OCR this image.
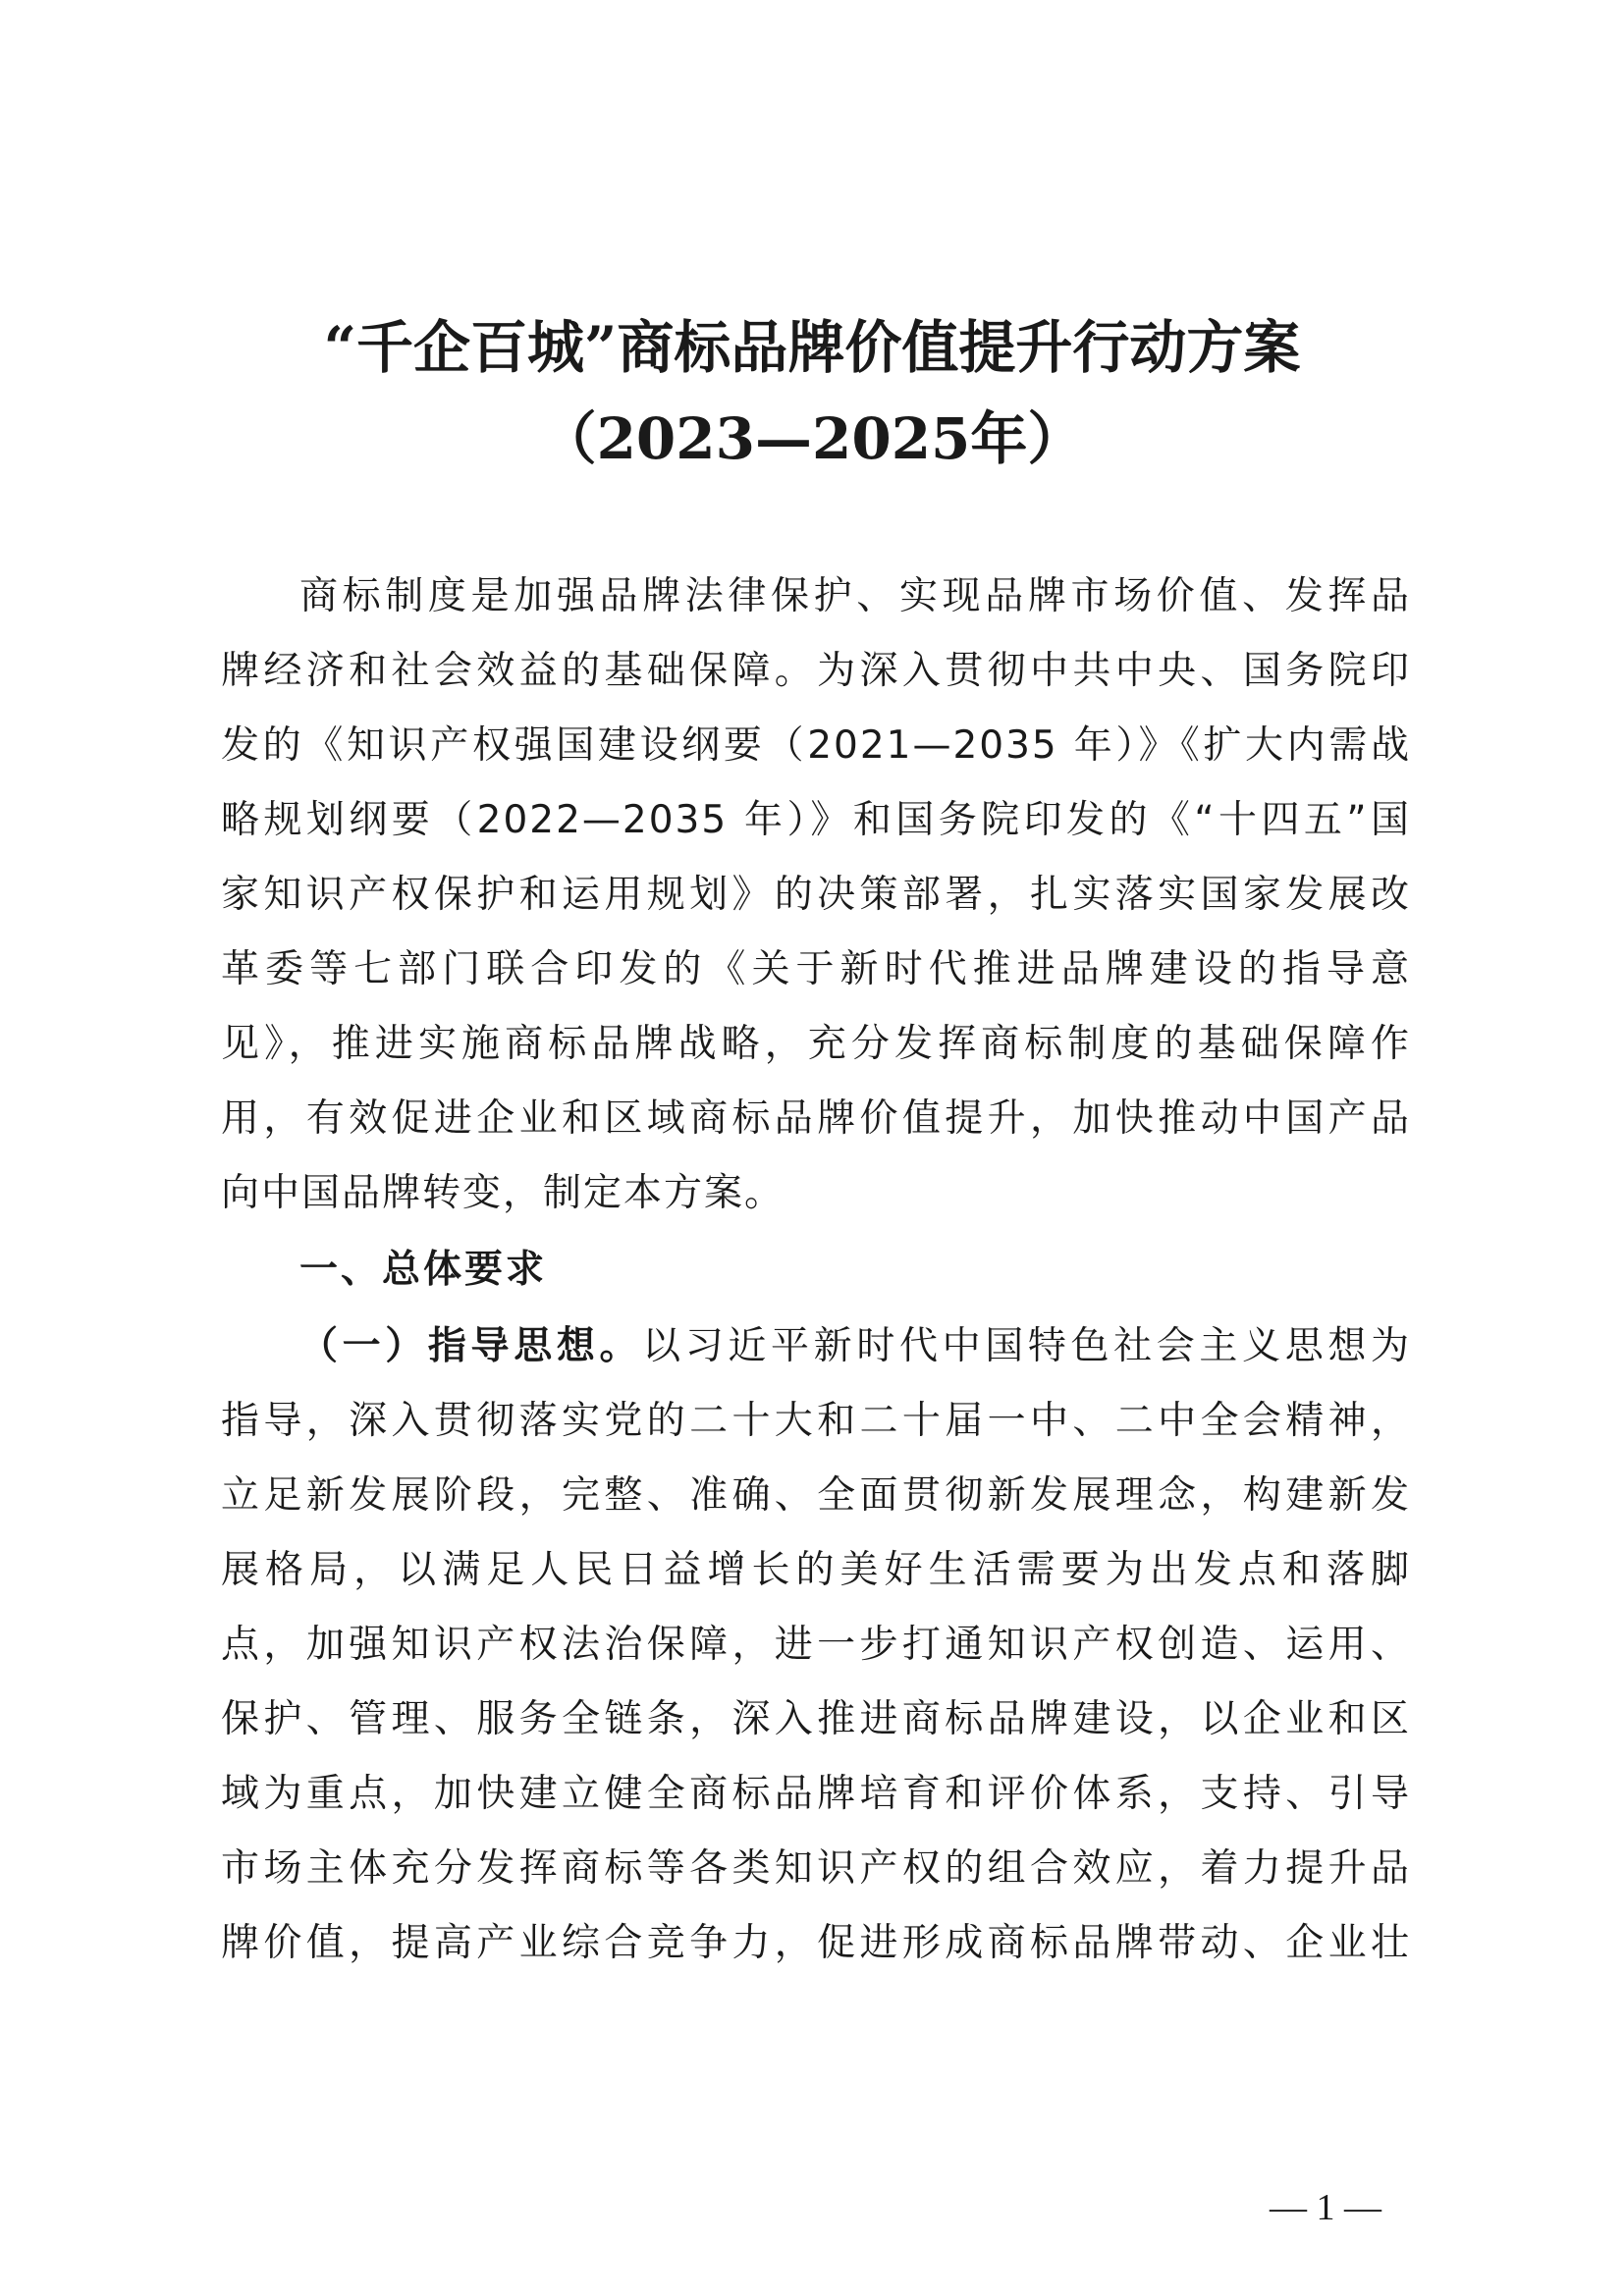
“千企百城”商标品牌价值提升行动方案
（2023—2025年）
商标制度是加强品牌法律保护、实现品牌市场价值、发挥品
牌经济和社会效益的基础保障。为深入贯彻中共中央、国务院印
发的《知识产权强国建设纲要（2021—2035 年）》《扩大内需战
略规划纲要（2022—2035 年）》和国务院印发的《“十四五”国
家知识产权保护和运用规划》的决策部署，扎实落实国家发展改
革委等七部门联合印发的《关于新时代推进品牌建设的指导意
见》，推进实施商标品牌战略，充分发挥商标制度的基础保障作
用，有效促进企业和区域商标品牌价值提升，加快推动中国产品
向中国品牌转变，制定本方案。
一、总体要求
（一）指导思想。以习近平新时代中国特色社会主义思想为
指导，深入贯彻落实党的二十大和二十届一中、二中全会精神，
立足新发展阶段，完整、准确、全面贯彻新发展理念，构建新发
展格局，以满足人民日益增长的美好生活需要为出发点和落脚
点，加强知识产权法治保障，进一步打通知识产权创造、运用、
保护、管理、服务全链条，深入推进商标品牌建设，以企业和区
域为重点，加快建立健全商标品牌培育和评价体系，支持、引导
市场主体充分发挥商标等各类知识产权的组合效应，着力提升品
牌价值，提高产业综合竞争力，促进形成商标品牌带动、企业壮
— 1 —
